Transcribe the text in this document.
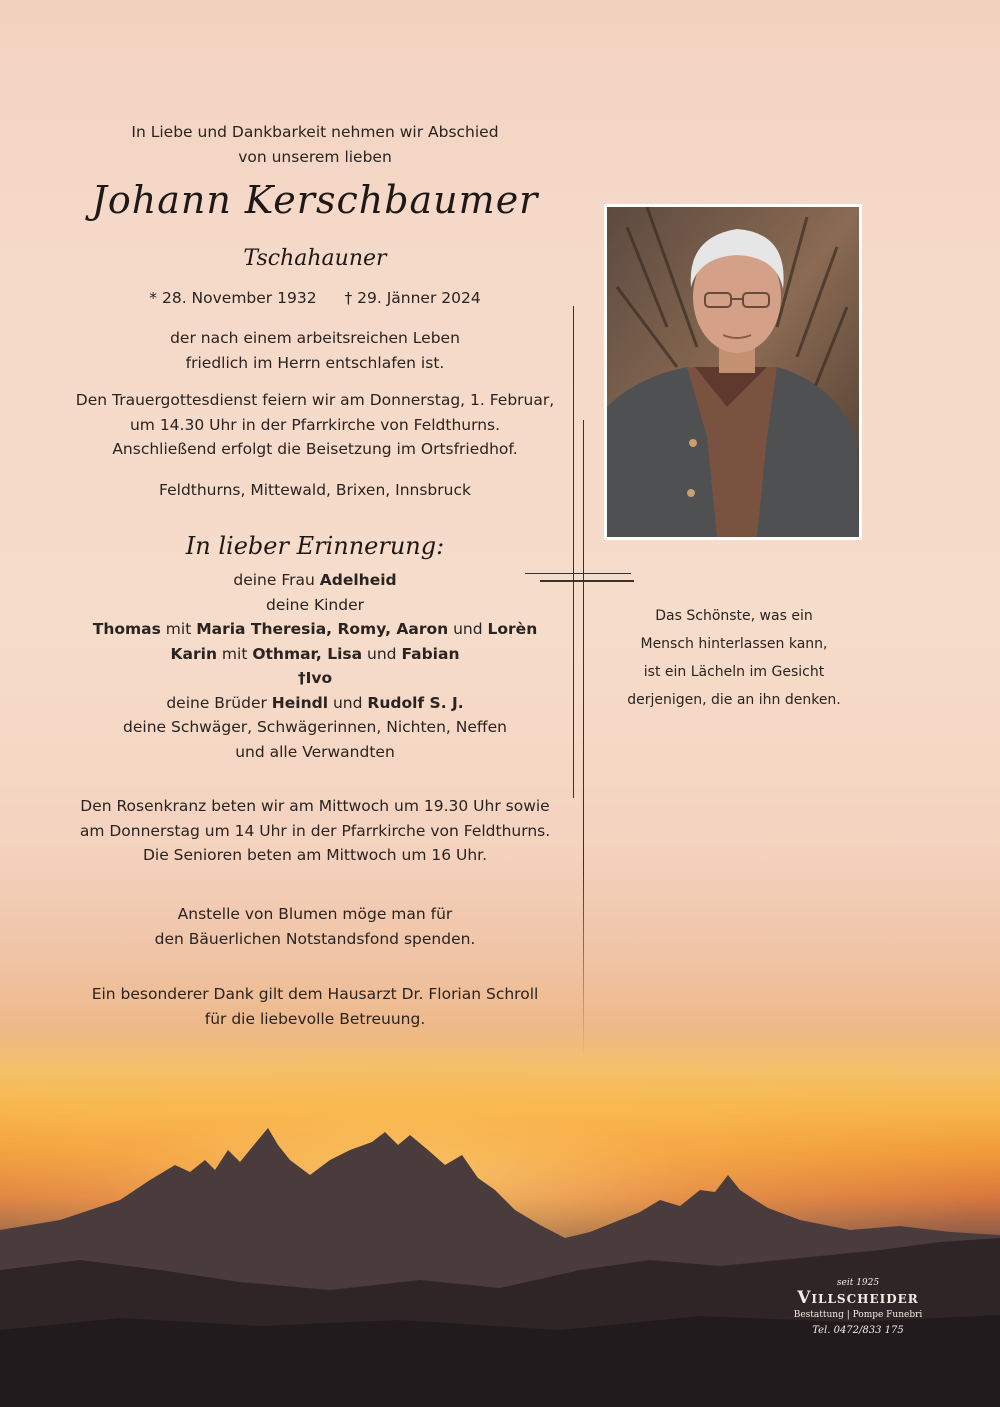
In Liebe und Dankbarkeit nehmen wir Abschied
von unserem lieben
Johann Kerschbaumer
Tschahauner
* 28. November 1932 † 29. Jänner 2024
der nach einem arbeitsreichen Leben
friedlich im Herrn entschlafen ist.
Den Trauergottesdienst feiern wir am Donnerstag, 1. Februar,
um 14.30 Uhr in der Pfarrkirche von Feldthurns.
Anschließend erfolgt die Beisetzung im Ortsfriedhof.
Feldthurns, Mittewald, Brixen, Innsbruck
In lieber Erinnerung:
deine Frau Adelheid
deine Kinder
Thomas mit Maria Theresia, Romy, Aaron und Lorèn
Karin mit Othmar, Lisa und Fabian
†Ivo
deine Brüder Heindl und Rudolf S. J.
deine Schwäger, Schwägerinnen, Nichten, Neffen
und alle Verwandten
Den Rosenkranz beten wir am Mittwoch um 19.30 Uhr sowie
am Donnerstag um 14 Uhr in der Pfarrkirche von Feldthurns.
Die Senioren beten am Mittwoch um 16 Uhr.
Anstelle von Blumen möge man für
den Bäuerlichen Notstandsfond spenden.
Ein besonderer Dank gilt dem Hausarzt Dr. Florian Schroll
für die liebevolle Betreuung.
Das Schönste, was ein
Mensch hinterlassen kann,
ist ein Lächeln im Gesicht
derjenigen, die an ihn denken.
seit 1925
Villscheider
Bestattung | Pompe Funebri
Tel. 0472/833 175
